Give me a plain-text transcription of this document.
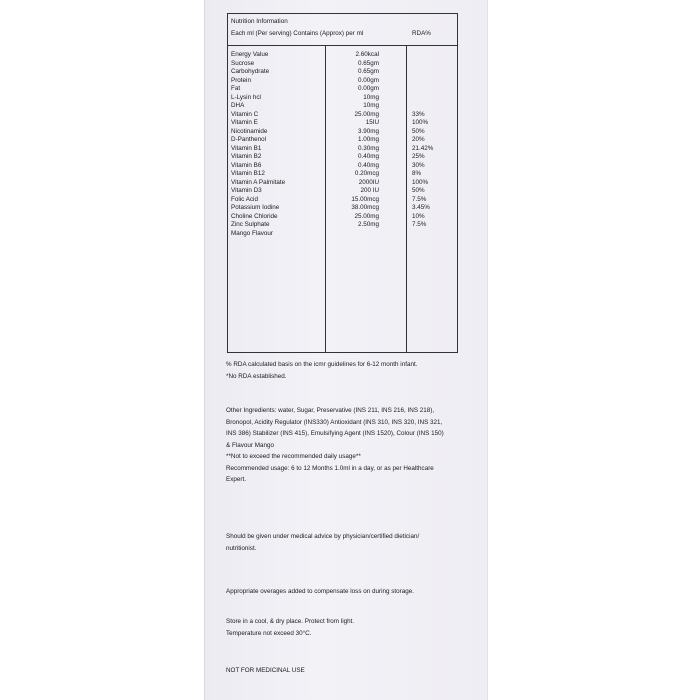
Nutrition Information
Each ml (Per serving) Contains (Approx) per ml	RDA%
Energy Value	2.60kcal
Sucrose	0.65gm
Carbohydrate	0.65gm
Protein	0.00gm
Fat	0.00gm
L-Lysin hcl	10mg
DHA	10mg
Vitamin C	25.00mg	33%
Vitamin E	15IU	100%
Nicotinamide	3.90mg	50%
D-Panthenol	1.00mg	20%
Vitamin B1	0.30mg	21.42%
Vitamin B2	0.40mg	25%
Vitamin B6	0.40mg	30%
Vitamin B12	0.20mcg	8%
Vitamin A Palmitate	2000IU	100%
Vitamin D3	200 IU	50%
Folic Acid	15.00mcg	7.5%
Potassium Iodine	38.00mcg	3.45%
Choline Chloride	25.00mg	10%
Zinc Sulphate	2.50mg	7.5%
Mango Flavour

% RDA calculated basis on the icmr guidelines for 6-12 month infant.

*No RDA established.

Other Ingredients: water, Sugar, Preservative (INS 211, INS 216, INS 218),

Bronopol, Acidity Regulator (INS330) Antioxidant (INS 310, INS 320, INS 321,

INS 386) Stabilizer (INS 415), Emulsifying Agent (INS 1520), Colour (INS 150)

& Flavour Mango

**Not to exceed the recommended daily usage**

Recommended usage: 6 to 12 Months 1.0ml in a day, or as per Healthcare

Expert.

Should be given under medical advice by physician/certified dietician/

nutritionist.

Appropriate overages added to compensate loss on during storage.

Store in a cool, & dry place. Protect from light.

Temperature not exceed 30°C.

NOT FOR MEDICINAL USE
